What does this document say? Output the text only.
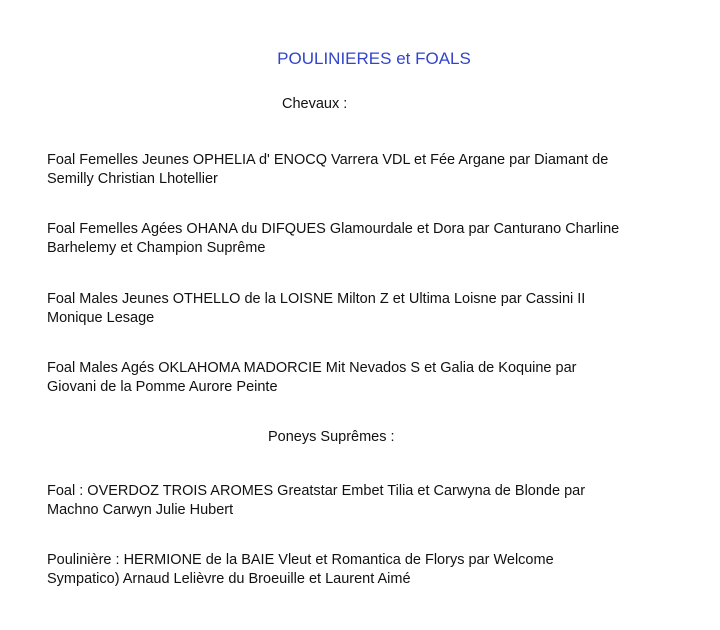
POULINIERES et FOALS
Chevaux :
Foal Femelles Jeunes OPHELIA d' ENOCQ Varrera VDL et Fée Argane par Diamant de
Semilly Christian Lhotellier
Foal Femelles Agées OHANA du DIFQUES Glamourdale et Dora par Canturano Charline
Barhelemy et Champion Suprême
Foal Males Jeunes OTHELLO de la LOISNE Milton Z et Ultima Loisne par Cassini II
Monique Lesage
Foal Males Agés OKLAHOMA MADORCIE Mit Nevados S et Galia de Koquine par
Giovani de la Pomme Aurore Peinte
Poneys Suprêmes :
Foal : OVERDOZ TROIS AROMES Greatstar Embet Tilia et Carwyna de Blonde par
Machno Carwyn Julie Hubert
Poulinière : HERMIONE de la BAIE Vleut et Romantica de Florys par Welcome
Sympatico) Arnaud Lelièvre du Broeuille et Laurent Aimé
